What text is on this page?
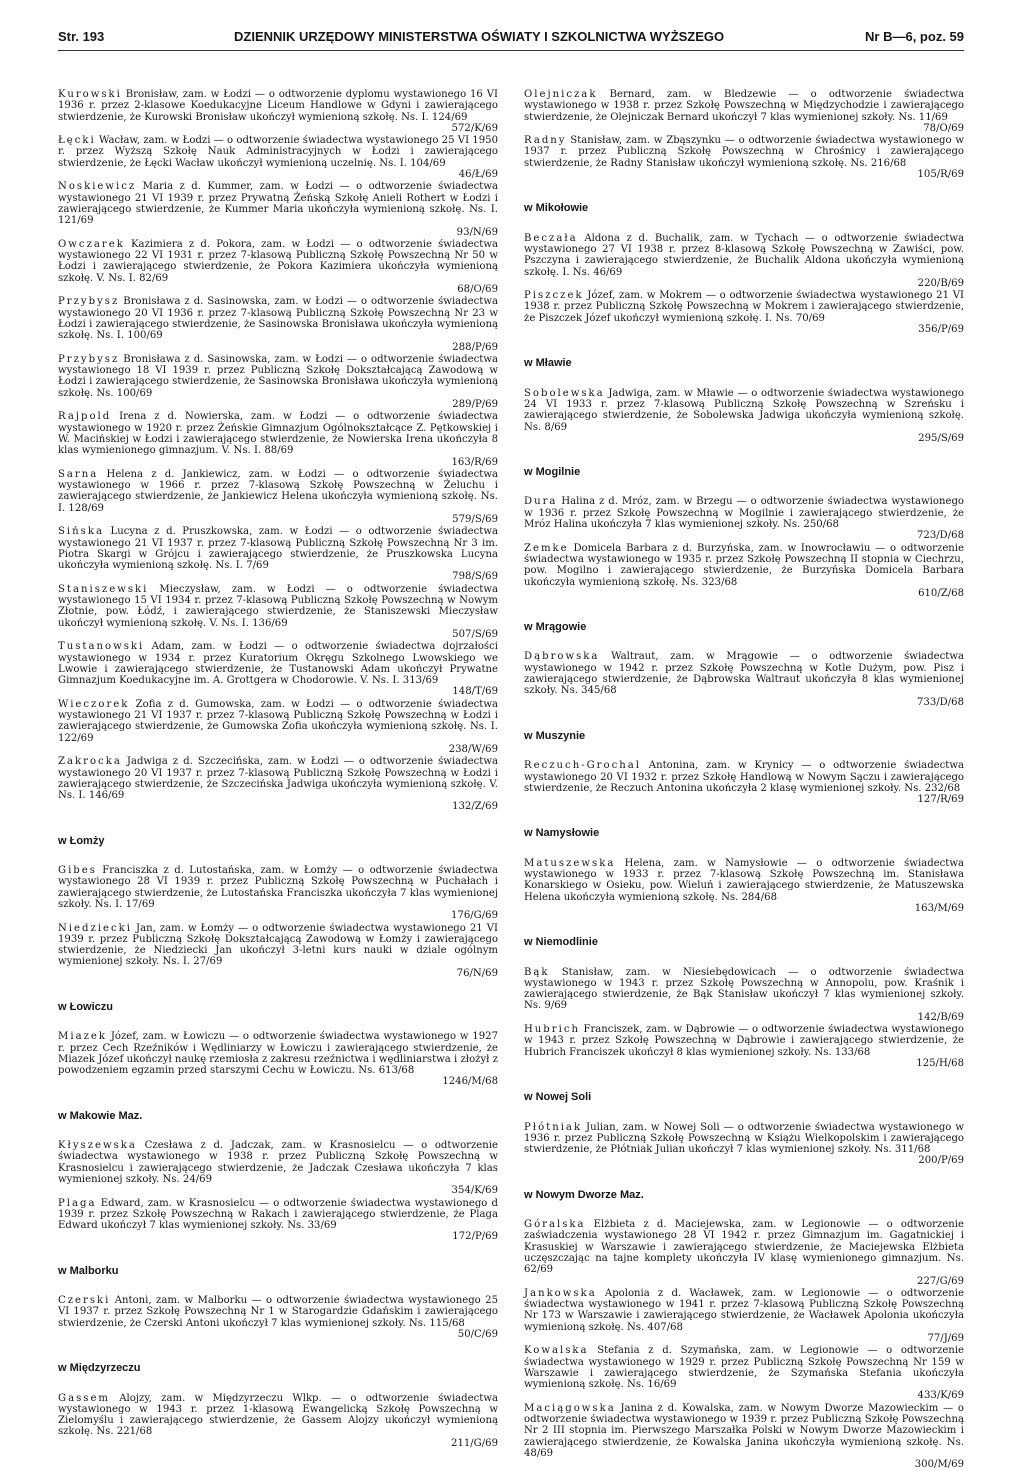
Str. 193	DZIENNIK URZĘDOWY MINISTERSTWA OŚWIATY I SZKOLNICTWA WYŻSZEGO	Nr B—6, poz. 59

Kurowski Bronisław, zam. w Łodzi — o odtworzenie dyplomu wystawionego 16 VI 1936 r. przez 2-klasowe Koedukacyjne Liceum Handlowe w Gdyni i zawierającego stwierdzenie, że Kurowski Bronisław ukończył wymienioną szkołę. Ns. I. 124/69
572/K/69

Łęcki Wacław, zam. w Łodzi — o odtworzenie świadectwa wystawionego 25 VI 1950 r. przez Wyższą Szkołę Nauk Administracyjnych w Łodzi i zawierającego stwierdzenie, że Łęcki Wacław ukończył wymienioną uczelnię. Ns. I. 104/69
46/Ł/69

Noskiewicz Maria z d. Kummer, zam. w Łodzi — o odtworzenie świadectwa wystawionego 21 VI 1939 r. przez Prywatną Żeńską Szkołę Anieli Rothert w Łodzi i zawierającego stwierdzenie, że Kummer Maria ukończyła wymienioną szkołę. Ns. I. 121/69
93/N/69

Owczarek Kazimiera z d. Pokora, zam. w Łodzi — o odtworzenie świadectwa wystawionego 22 VI 1931 r. przez 7-klasową Publiczną Szkołę Powszechną Nr 50 w Łodzi i zawierającego stwierdzenie, że Pokora Kazimiera ukończyła wymienioną szkołę. V. Ns. I. 82/69
68/O/69

Przybysz Bronisława z d. Sasinowska, zam. w Łodzi — o odtworzenie świadectwa wystawionego 20 VI 1936 r. przez 7-klasową Publiczną Szkołę Powszechną Nr 23 w Łodzi i zawierającego stwierdzenie, że Sasinowska Bronisława ukończyła wymienioną szkołę. Ns. I. 100/69
288/P/69

Przybysz Bronisława z d. Sasinowska, zam. w Łodzi — o odtworzenie świadectwa wystawionego 18 VI 1939 r. przez Publiczną Szkołę Dokształcającą Zawodową w Łodzi i zawierającego stwierdzenie, że Sasinowska Bronisława ukończyła wymienioną szkołę. Ns. 100/69
289/P/69

Rajpold Irena z d. Nowierska, zam. w Łodzi — o odtworzenie świadectwa wystawionego w 1920 r. przez Żeńskie Gimnazjum Ogólnokształcące Z. Pętkowskiej i W. Macińskiej w Łodzi i zawierającego stwierdzenie, że Nowierska Irena ukończyła 8 klas wymienionego gimnazjum. V. Ns. I. 88/69
163/R/69

Sarna Helena z d. Jankiewicz, zam. w Łodzi — o odtworzenie świadectwa wystawionego w 1966 r. przez 7-klasową Szkołę Powszechną w Żeluchu i zawierającego stwierdzenie, że Jankiewicz Helena ukończyła wymienioną szkołę. Ns. I. 128/69
579/S/69

Sińska Lucyna z d. Pruszkowska, zam. w Łodzi — o odtworzenie świadectwa wystawionego 21 VI 1937 r. przez 7-klasową Publiczną Szkołę Powszechną Nr 3 im. Piotra Skargi w Grójcu i zawierającego stwierdzenie, że Pruszkowska Lucyna ukończyła wymienioną szkołę. Ns. I. 7/69
798/S/69

Staniszewski Mieczysław, zam. w Łodzi — o odtworzenie świadectwa wystawionego 15 VI 1934 r. przez 7-klasową Publiczną Szkołę Powszechną w Nowym Złotnie, pow. Łódź, i zawierającego stwierdzenie, że Staniszewski Mieczysław ukończył wymienioną szkołę. V. Ns. I. 136/69
507/S/69

Tustanowski Adam, zam. w Łodzi — o odtworzenie świadectwa dojrzałości wystawionego w 1934 r. przez Kuratorium Okręgu Szkolnego Lwowskiego we Lwowie i zawierającego stwierdzenie, że Tustanowski Adam ukończył Prywatne Gimnazjum Koedukacyjne im. A. Grottgera w Chodorowie. V. Ns. I. 313/69
148/T/69

Wieczorek Zofia z d. Gumowska, zam. w Łodzi — o odtworzenie świadectwa wystawionego 21 VI 1937 r. przez 7-klasową Publiczną Szkołę Powszechną w Łodzi i zawierającego stwierdzenie, że Gumowska Zofia ukończyła wymienioną szkołę. Ns. I. 122/69
238/W/69

Zakrocka Jadwiga z d. Szczecińska, zam. w Łodzi — o odtworzenie świadectwa wystawionego 20 VI 1937 r. przez 7-klasową Publiczną Szkołę Powszechną w Łodzi i zawierającego stwierdzenie, że Szczecińska Jadwiga ukończyła wymienioną szkołę. V. Ns. I. 146/69
132/Z/69

w Łomży

Gibes Franciszka z d. Lutostańska, zam. w Łomży — o odtworzenie świadectwa wystawionego 28 VI 1939 r. przez Publiczną Szkołę Powszechną w Puchałach i zawierającego stwierdzenie, że Lutostańska Franciszka ukończyła 7 klas wymienionej szkoły. Ns. I. 17/69
176/G/69

Niedziecki Jan, zam. w Łomży — o odtworzenie świadectwa wystawionego 21 VI 1939 r. przez Publiczną Szkołę Dokształcającą Zawodową w Łomży i zawierającego stwierdzenie, że Niedziecki Jan ukończył 3-letni kurs nauki w dziale ogólnym wymienionej szkoły. Ns. I. 27/69
76/N/69

w Łowiczu

Miazek Józef, zam. w Łowiczu — o odtworzenie świadectwa wystawionego w 1927 r. przez Cech Rzeźników i Wędliniarzy w Łowiczu i zawierającego stwierdzenie, że Miazek Józef ukończył naukę rzemiosła z zakresu rzeźnictwa i wędliniarstwa i złożył z powodzeniem egzamin przed starszymi Cechu w Łowiczu. Ns. 613/68
1246/M/68

w Makowie Maz.

Kłyszewska Czesława z d. Jadczak, zam. w Krasnosielcu — o odtworzenie świadectwa wystawionego w 1938 r. przez Publiczną Szkołę Powszechną w Krasnosielcu i zawierającego stwierdzenie, że Jadczak Czesława ukończyła 7 klas wymienionej szkoły. Ns. 24/69
354/K/69

Plaga Edward, zam. w Krasnosielcu — o odtworzenie świadectwa wystawionego d 1939 r. przez Szkołę Powszechną w Rakach i zawierającego stwierdzenie, że Plaga Edward ukończył 7 klas wymienionej szkoły. Ns. 33/69
172/P/69

w Malborku

Czerski Antoni, zam. w Malborku — o odtworzenie świadectwa wystawionego 25 VI 1937 r. przez Szkołę Powszechną Nr 1 w Starogardzie Gdańskim i zawierającego stwierdzenie, że Czerski Antoni ukończył 7 klas wymienionej szkoły. Ns. 115/68
50/C/69

w Międzyrzeczu

Gassem Alojzy, zam. w Międzyrzeczu Wlkp. — o odtworzenie świadectwa wystawionego w 1943 r. przez 1-klasową Ewangelicką Szkołę Powszechną w Zielomyślu i zawierającego stwierdzenie, że Gassem Alojzy ukończył wymienioną szkołę. Ns. 221/68
211/G/69

Olejniczak Bernard, zam. w Bledzewie — o odtworzenie świadectwa wystawionego w 1938 r. przez Szkołę Powszechną w Międzychodzie i zawierającego stwierdzenie, że Olejniczak Bernard ukończył 7 klas wymienionej szkoły. Ns. 11/69
78/O/69

Radny Stanisław, zam. w Zbąszynku — o odtworzenie świadectwa wystawionego w 1937 r. przez Publiczną Szkołę Powszechną w Chrośnicy i zawierającego stwierdzenie, że Radny Stanisław ukończył wymienioną szkołę. Ns. 216/68
105/R/69

w Mikołowie

Beczała Aldona z d. Buchalik, zam. w Tychach — o odtworzenie świadectwa wystawionego 27 VI 1938 r. przez 8-klasową Szkołę Powszechną w Zawiści, pow. Pszczyna i zawierającego stwierdzenie, że Buchalik Aldona ukończyła wymienioną szkołę. I. Ns. 46/69
220/B/69

Piszczek Józef, zam. w Mokrem — o odtworzenie świadectwa wystawionego 21 VI 1938 r. przez Publiczną Szkołę Powszechną w Mokrem i zawierającego stwierdzenie, że Piszczek Józef ukończył wymienioną szkołę. I. Ns. 70/69
356/P/69

w Mławie

Sobolewska Jadwiga, zam. w Mławie — o odtworzenie świadectwa wystawionego 24 VI 1933 r. przez 7-klasową Publiczną Szkołę Powszechną w Szreńsku i zawierającego stwierdzenie, że Sobolewska Jadwiga ukończyła wymienioną szkołę. Ns. 8/69
295/S/69

w Mogilnie

Dura Halina z d. Mróz, zam. w Brzegu — o odtworzenie świadectwa wystawionego w 1936 r. przez Szkołę Powszechną w Mogilnie i zawierającego stwierdzenie, że Mróz Halina ukończyła 7 klas wymienionej szkoły. Ns. 250/68
723/D/68

Zemke Domicela Barbara z d. Burzyńska, zam. w Inowrocławiu — o odtworzenie świadectwa wystawionego w 1935 r. przez Szkołę Powszechną II stopnia w Ciechrzu, pow. Mogilno i zawierającego stwierdzenie, że Burzyńska Domicela Barbara ukończyła wymienioną szkołę. Ns. 323/68
610/Z/68

w Mrągowie

Dąbrowska Waltraut, zam. w Mrągowie — o odtworzenie świadectwa wystawionego w 1942 r. przez Szkołę Powszechną w Kotle Dużym, pow. Pisz i zawierającego stwierdzenie, że Dąbrowska Waltraut ukończyła 8 klas wymienionej szkoły. Ns. 345/68
733/D/68

w Muszynie

Reczuch-Grochal Antonina, zam. w Krynicy — o odtworzenie świadectwa wystawionego 20 VI 1932 r. przez Szkołę Handlową w Nowym Sączu i zawierającego stwierdzenie, że Reczuch Antonina ukończyła 2 klasę wymienionej szkoły. Ns. 232/68
127/R/69

w Namysłowie

Matuszewska Helena, zam. w Namysłowie — o odtworzenie świadectwa wystawionego w 1933 r. przez 7-klasową Szkołę Powszechną im. Stanisława Konarskiego w Osieku, pow. Wieluń i zawierającego stwierdzenie, że Matuszewska Helena ukończyła wymienioną szkołę. Ns. 284/68
163/M/69

w Niemodlinie

Bąk Stanisław, zam. w Niesiebędowicach — o odtworzenie świadectwa wystawionego w 1943 r. przez Szkołę Powszechną w Annopolu, pow. Kraśnik i zawierającego stwierdzenie, że Bąk Stanisław ukończył 7 klas wymienionej szkoły. Ns. 9/69
142/B/69

Hubrich Franciszek, zam. w Dąbrowie — o odtworzenie świadectwa wystawionego w 1943 r. przez Szkołę Powszechną w Dąbrowie i zawierającego stwierdzenie, że Hubrich Franciszek ukończył 8 klas wymienionej szkoły. Ns. 133/68
125/H/68

w Nowej Soli

Płótniak Julian, zam. w Nowej Soli — o odtworzenie świadectwa wystawionego w 1936 r. przez Publiczną Szkołę Powszechną w Książu Wielkopolskim i zawierającego stwierdzenie, że Płótniak Julian ukończył 7 klas wymienionej szkoły. Ns. 311/68
200/P/69

w Nowym Dworze Maz.

Góralska Elżbieta z d. Maciejewska, zam. w Legionowie — o odtworzenie zaświadczenia wystawionego 28 VI 1942 r. przez Gimnazjum im. Gagatnickiej i Krasuskiej w Warszawie i zawierającego stwierdzenie, że Maciejewska Elżbieta uczęszczając na tajne komplety ukończyła IV klasę wymienionego gimnazjum. Ns. 62/69
227/G/69

Jankowska Apolonia z d. Wacławek, zam. w Legionowie — o odtworzenie świadectwa wystawionego w 1941 r. przez 7-klasową Publiczną Szkołę Powszechną Nr 173 w Warszawie i zawierającego stwierdzenie, że Wacławek Apolonia ukończyła wymienioną szkołę. Ns. 407/68
77/J/69

Kowalska Stefania z d. Szymańska, zam. w Legionowie — o odtworzenie świadectwa wystawionego w 1929 r. przez Publiczną Szkołę Powszechną Nr 159 w Warszawie i zawierającego stwierdzenie, że Szymańska Stefania ukończyła wymienioną szkołę. Ns. 16/69
433/K/69

Maciągowska Janina z d. Kowalska, zam. w Nowym Dworze Mazowieckim — o odtworzenie świadectwa wystawionego w 1939 r. przez Publiczną Szkołę Powszechną Nr 2 III stopnia im. Pierwszego Marszałka Polski w Nowym Dworze Mazowieckim i zawierającego stwierdzenie, że Kowalska Janina ukończyła wymienioną szkołę. Ns. 48/69
300/M/69
